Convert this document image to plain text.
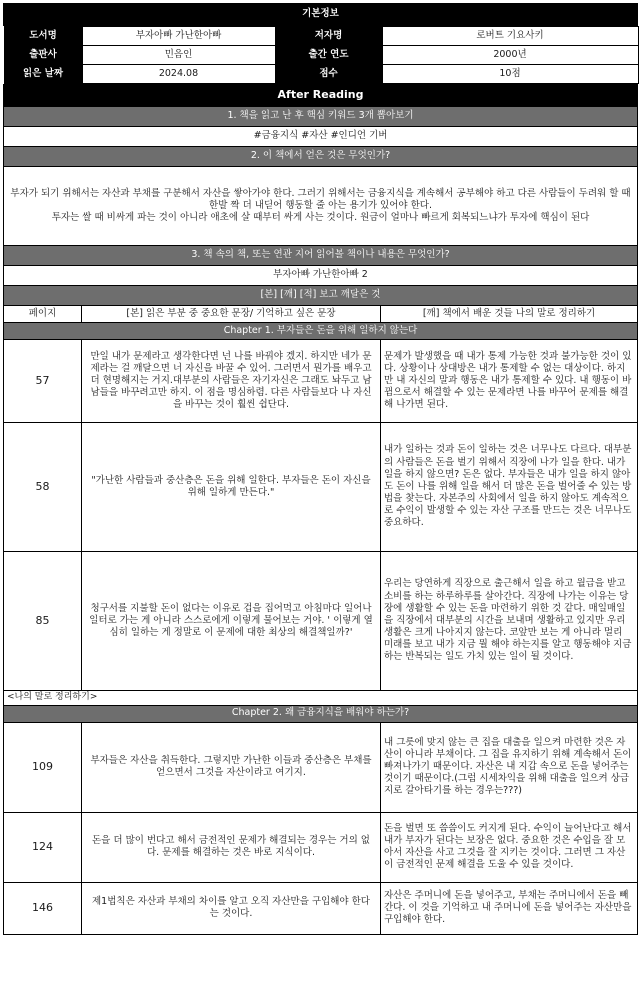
기본정보

도서명	부자아빠 가난한아빠	저자명	로버트 기요사키
출판사	민음인	출간 연도	2000년
읽은 날짜	2024.08	점수	10점

After Reading
1. 책을 읽고 난 후 핵심 키워드 3개 뽑아보기
#금융지식 #자산 #인디언 기버
2. 이 책에서 얻은 것은 무엇인가?

부자가 되기 위해서는 자산과 부채를 구분해서 자산을 쌓아가야 한다. 그러기 위해서는 금융지식을 계속해서 공부해야 하고 다른 사람들이 두려워 할 때 한발 짝 더 내딛어 행동할 줄 아는 용기가 있어야 한다.
투자는 쌀 때 비싸게 파는 것이 아니라 애초에 살 때부터 싸게 사는 것이다. 원금이 얼마나 빠르게 회복되느냐가 투자에 핵심이 된다

3. 책 속의 책, 또는 연관 지어 읽어볼 책이나 내용은 무엇인가?
부자아빠 가난한아빠 2
[본] [깨] [적] 보고 깨달은 것
페이지	[본] 읽은 부분 중 중요한 문장/ 기억하고 싶은 문장	[깨] 책에서 배운 것들 나의 말로 정리하기
Chapter 1. 부자들은 돈을 위해 일하지 않는다
57	만일 내가 문제라고 생각한다면 넌 나를 바꿔야 겠지. 하지만 네가 문제라는 걸 깨달으면 너 자신을 바꿀 수 있어. 그러면서 뭔가를 배우고 더 현명해지는 거지.대부분의 사람들은 자기자신은 그래도 놔두고 남 남들을 바꾸려고만 하지. 이 점을 명심하렴. 다른 사람들보다 나 자신을 바꾸는 것이 훨씬 쉽단다.	문제가 발생했을 때 내가 통제 가능한 것과 불가능한 것이 있다. 상황이나 상대방은 내가 통제할 수 없는 대상이다. 하지만 내 자신의 말과 행동은 내가 통제할 수 있다. 내 행동이 바뀜으로서 해결할 수 있는 문제라면 나를 바꾸어 문제를 해결해 나가면 된다.
58	"가난한 사람들과 중산층은 돈을 위해 일한다. 부자들은 돈이 자신을 위해 일하게 만든다."	내가 일하는 것과 돈이 일하는 것은 너무나도 다르다. 대부분의 사람들은 돈을 벌기 위해서 직장에 나가 일을 한다. 내가 일을 하지 않으면? 돈은 없다. 부자들은 내가 일을 하지 않아도 돈이 나를 위해 일을 해서 더 많은 돈을 벌어줄 수 있는 방법을 찾는다. 자본주의 사회에서 일을 하지 않아도 계속적으로 수익이 발생할 수 있는 자산 구조를 만드는 것은 너무나도 중요하다.
85	청구서를 지불할 돈이 없다는 이유로 겁을 집어먹고 아침마다 일어나 일터로 가는 게 아니라 스스로에게 이렇게 물어보는 거야. ' 이렇게 열심히 일하는 게 정말로 이 문제에 대한 최상의 해결책일까?'	우리는 당연하게 직장으로 출근해서 일을 하고 월급을 받고 소비를 하는 하루하루를 살아간다. 직장에 나가는 이유는 당장에 생활할 수 있는 돈을 마련하기 위한 것 같다. 매일매일을 직장에서 대부분의 시간을 보내며 생활하고 있지만 우리 생활은 크게 나아지지 않는다. 코앞만 보는 게 아니라 멀리 미래를 보고 내가 지금 뭘 해야 하는지를 알고 행동해야 지금 하는 반복되는 일도 가치 있는 일이 될 것이다.
<나의 말로 정리하기>
Chapter 2. 왜 금융지식을 배워야 하는가?
109	부자들은 자산을 취득한다. 그렇지만 가난한 이들과 중산층은 부채를 얻으면서 그것을 자산이라고 여기지.	내 그릇에 맞지 않는 큰 집을 대출을 일으켜 마련한 것은 자산이 아니라 부채이다. 그 집을 유지하기 위해 계속해서 돈이 빠져나가기 때문이다. 자산은 내 지갑 속으로 돈을 넣어주는 것이기 때문이다.(그럼 시세차익을 위해 대출을 일으켜 상급지로 갈아타기를 하는 경우는???)
124	돈을 더 많이 번다고 해서 금전적인 문제가 해결되는 경우는 거의 없다. 문제를 해결하는 것은 바로 지식이다.	돈을 벌면 또 씀씀이도 커지게 된다. 수익이 늘어난다고 해서 내가 부자가 된다는 보장은 없다. 중요한 것은 수입을 잘 모아서 자산을 사고 그것을 잘 지키는 것이다. 그러면 그 자산이 금전적인 문제 해결을 도울 수 있을 것이다.
146	제1법칙은 자산과 부채의 차이를 알고 오직 자산만을 구입해야 한다는 것이다.	자산은 주머니에 돈을 넣어주고, 부채는 주머니에서 돈을 빼간다. 이 것을 기억하고 내 주머니에 돈을 넣어주는 자산만을 구입해야 한다.
